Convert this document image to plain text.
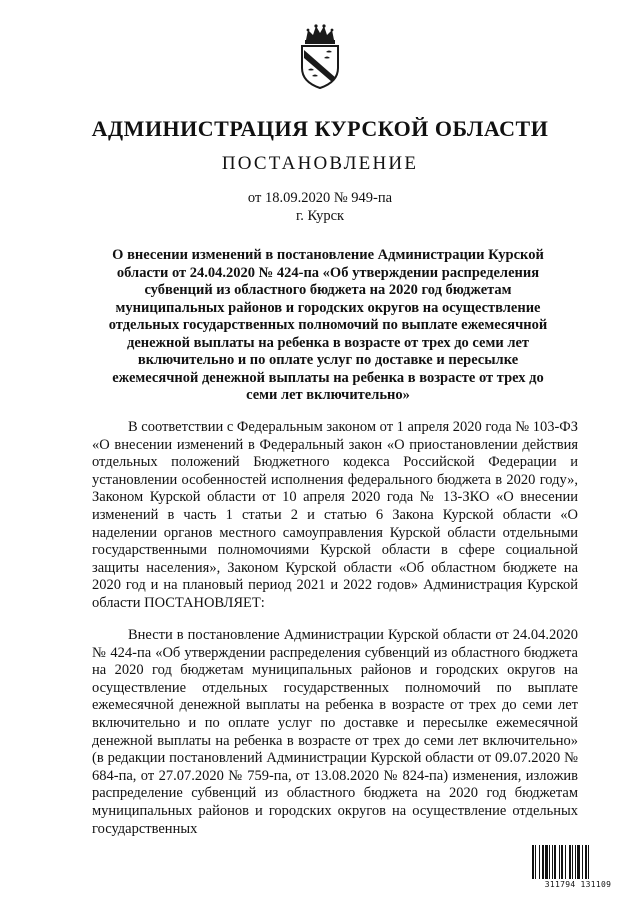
АДМИНИСТРАЦИЯ КУРСКОЙ ОБЛАСТИ
ПОСТАНОВЛЕНИЕ
от 18.09.2020 № 949-па
г. Курск
О внесении изменений в постановление Администрации Курской области от 24.04.2020 № 424-па «Об утверждении распределения субвенций из областного бюджета на 2020 год бюджетам муниципальных районов и городских округов на осуществление отдельных государственных полномочий по выплате ежемесячной денежной выплаты на ребенка в возрасте от трех до семи лет включительно и по оплате услуг по доставке и пересылке ежемесячной денежной выплаты на ребенка в возрасте от трех до семи лет включительно»

В соответствии с Федеральным законом от 1 апреля 2020 года № 103-ФЗ «О внесении изменений в Федеральный закон «О приостановлении действия отдельных положений Бюджетного кодекса Российской Федерации и установлении особенностей исполнения федерального бюджета в 2020 году», Законом Курской области от 10 апреля 2020 года № 13-ЗКО «О внесении изменений в часть 1 статьи 2 и статью 6 Закона Курской области «О наделении органов местного самоуправления Курской области отдельными государственными полномочиями Курской области в сфере социальной защиты населения», Законом Курской области «Об областном бюджете на 2020 год и на плановый период 2021 и 2022 годов» Администрация Курской области ПОСТАНОВЛЯЕТ:

Внести в постановление Администрации Курской области от 24.04.2020 № 424-па «Об утверждении распределения субвенций из областного бюджета на 2020 год бюджетам муниципальных районов и городских округов на осуществление отдельных государственных полномочий по выплате ежемесячной денежной выплаты на ребенка в возрасте от трех до семи лет включительно и по оплате услуг по доставке и пересылке ежемесячной денежной выплаты на ребенка в возрасте от трех до семи лет включительно» (в редакции постановлений Администрации Курской области от 09.07.2020 № 684-па, от 27.07.2020 № 759-па, от 13.08.2020 № 824-па) изменения, изложив распределение субвенций из областного бюджета на 2020 год бюджетам муниципальных районов и городских округов на осуществление отдельных государственных

311794 131109
